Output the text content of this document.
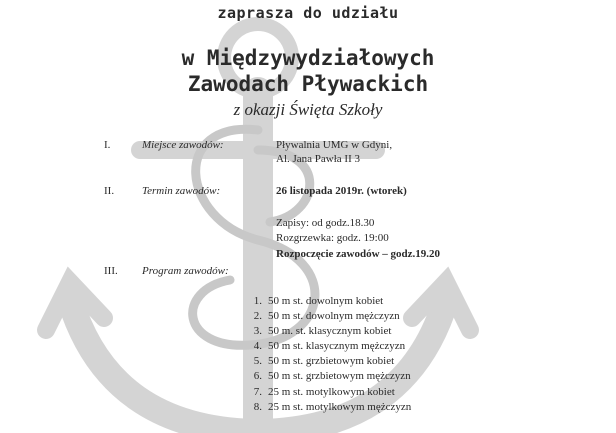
zaprasza do udziału
w Międzywydziałowych
Zawodach Pływackich
z okazji Święta Szkoły
I.	Miejsce zawodów:	Pływalnia UMG w Gdyni,
Al. Jana Pawła II 3
II.	Termin zawodów:	26 listopada 2019r. (wtorek)
Zapisy: od godz.18.30
Rozgrzewka: godz. 19:00
Rozpoczęcie zawodów – godz.19.20
III. Program zawodów:
1. 50 m st. dowolnym kobiet
2. 50 m st. dowolnym mężczyzn
3. 50 m. st. klasycznym kobiet
4. 50 m st. klasycznym mężczyzn
5. 50 m st. grzbietowym kobiet
6. 50 m st. grzbietowym mężczyzn
7. 25 m st. motylkowym kobiet
8. 25 m st. motylkowym mężczyzn
